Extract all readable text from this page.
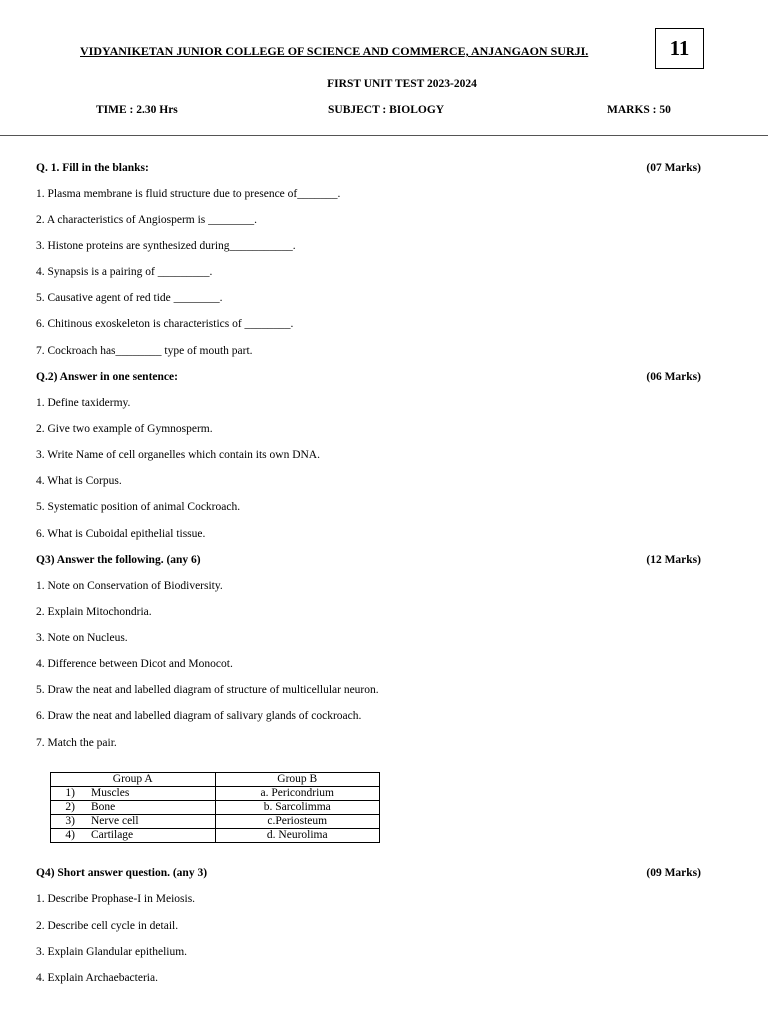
VIDYANIKETAN JUNIOR COLLEGE OF SCIENCE AND COMMERCE, ANJANGAON SURJI.	11
FIRST UNIT TEST 2023-2024
TIME : 2.30 Hrs	SUBJECT : BIOLOGY	MARKS : 50
Q. 1. Fill in the blanks:	(07 Marks)
1. Plasma membrane is fluid structure due to presence of_______.
2. A characteristics of Angiosperm is ________.
3. Histone proteins are synthesized during___________.
4. Synapsis is a pairing of _________.
5. Causative agent of red tide ________.
6. Chitinous exoskeleton is characteristics of ________.
7. Cockroach has________ type of mouth part.
Q.2) Answer in one sentence:	(06 Marks)
1. Define taxidermy.
2. Give two example of Gymnosperm.
3. Write Name of cell organelles which contain its own DNA.
4. What is Corpus.
5. Systematic position of animal Cockroach.
6. What is Cuboidal epithelial tissue.
Q3) Answer the following. (any 6)	(12 Marks)
1. Note on Conservation of Biodiversity.
2. Explain Mitochondria.
3. Note on Nucleus.
4. Difference between Dicot and Monocot.
5. Draw the neat and labelled diagram of structure of multicellular neuron.
6. Draw the neat and labelled diagram of salivary glands of cockroach.
7. Match the pair.
Group A	Group B
1) Muscles	a. Pericondrium
2) Bone	b. Sarcolimma
3) Nerve cell	c.Periosteum
4) Cartilage	d. Neurolima
Q4) Short answer question. (any 3)	(09 Marks)
1. Describe Prophase-I in Meiosis.
2. Describe cell cycle in detail.
3. Explain Glandular epithelium.
4. Explain Archaebacteria.
